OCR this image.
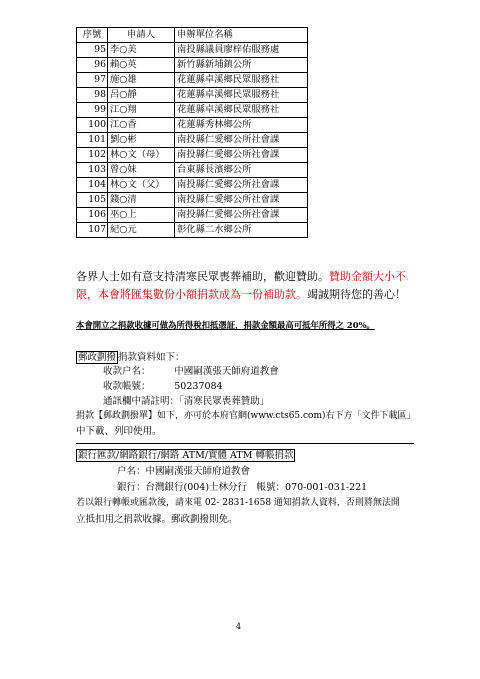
序號	申請人	申辦單位名稱
95	李○美	南投縣議員廖梓佑服務處
96	賴○英	新竹縣新埔鎮公所
97	施○雄	花蓮縣卓溪鄉民眾服務社
98	呂○靜	花蓮縣卓溪鄉民眾服務社
99	江○翔	花蓮縣卓溪鄉民眾服務社
100	江○香	花蓮縣秀林鄉公所
101	劉○彬	南投縣仁愛鄉公所社會課
102	林○文（母）	南投縣仁愛鄉公所社會課
103	曾○妹	台東縣長濱鄉公所
104	林○文（父）	南投縣仁愛鄉公所社會課
105	錢○清	南投縣仁愛鄉公所社會課
106	巫○上	南投縣仁愛鄉公所社會課
107	紀○元	彰化縣二水鄉公所
各界人士如有意支持清寒民眾喪葬補助，歡迎贊助。贊助金額大小不限，本會將匯集數份小額捐款成為一份補助款。竭誠期待您的善心！
本會開立之捐款收據可做為所得稅扣抵憑証，捐款金額最高可抵年所得之 20%。
郵政劃撥 捐款資料如下：
收款户名：　　　中國嗣漢張天師府道教會
收款帳號：　　　50237084
通訊欄中請註明：「清寒民眾喪葬贊助」
捐款【郵政劃撥單】如下，亦可於本府官網(www.cts65.com)右下方「文件下載區」
中下載、列印使用。
銀行匯款/網路銀行/網路 ATM/實體 ATM 轉帳捐款
户名：中國嗣漢張天師府道教會
銀行：台灣銀行(004)士林分行　帳號：070-001-031-221
若以銀行轉帳或匯款後，請來電 02- 2831-1658 通知捐款人資料，否則將無法開
立抵扣用之捐款收據。郵政劃撥則免。
4
